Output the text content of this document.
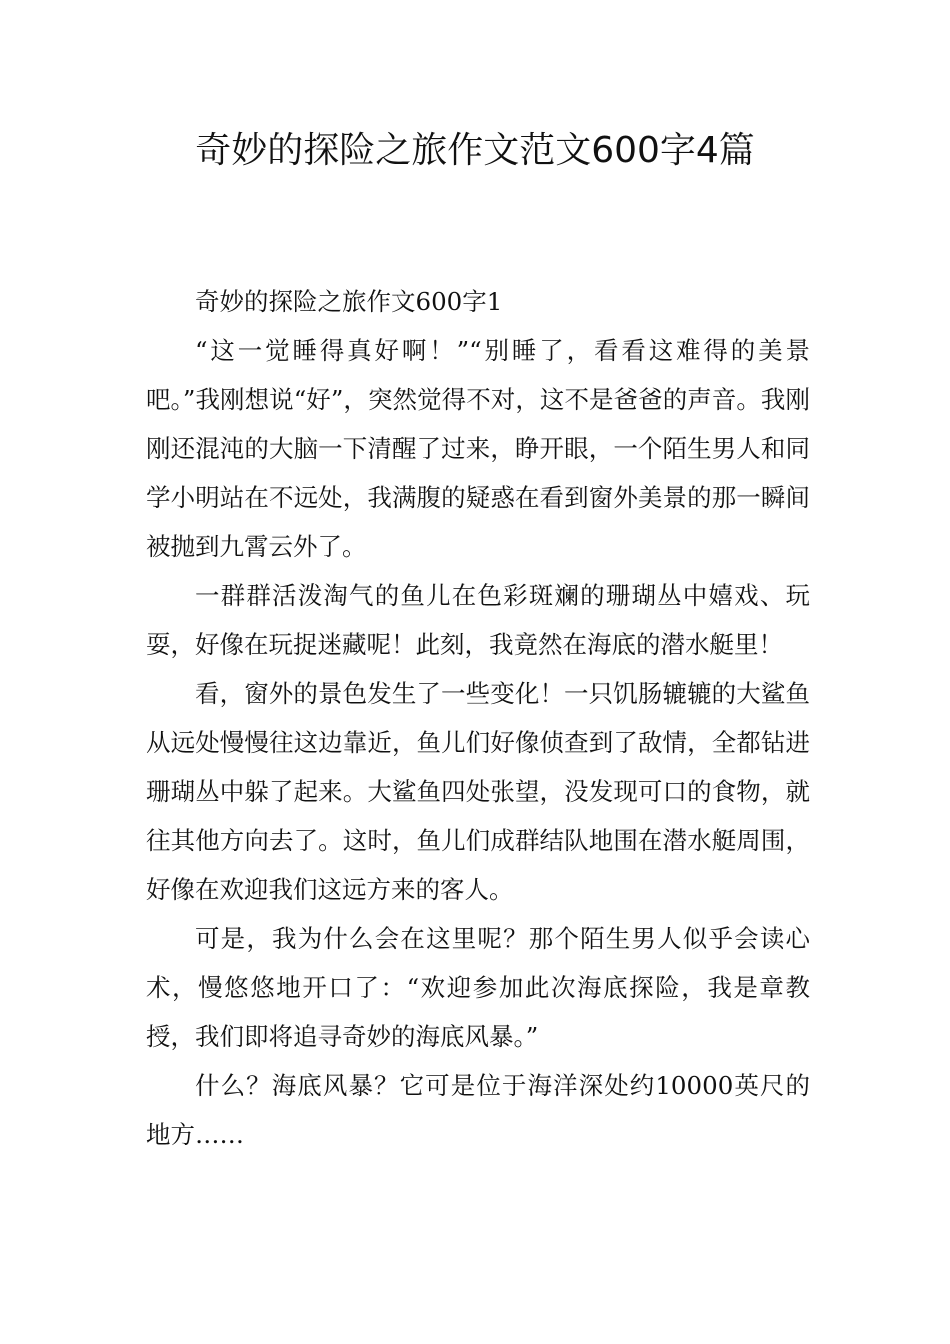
奇妙的探险之旅作文范文600字4篇
奇妙的探险之旅作文600字1

“这一觉睡得真好啊！”“别睡了，看看这难得的美景吧。”我刚想说“好”，突然觉得不对，这不是爸爸的声音。我刚刚还混沌的大脑一下清醒了过来，睁开眼，一个陌生男人和同学小明站在不远处，我满腹的疑惑在看到窗外美景的那一瞬间被抛到九霄云外了。

一群群活泼淘气的鱼儿在色彩斑斓的珊瑚丛中嬉戏、玩耍，好像在玩捉迷藏呢！此刻，我竟然在海底的潜水艇里！

看，窗外的景色发生了一些变化！一只饥肠辘辘的大鲨鱼从远处慢慢往这边靠近，鱼儿们好像侦查到了敌情，全都钻进珊瑚丛中躲了起来。大鲨鱼四处张望，没发现可口的食物，就往其他方向去了。这时，鱼儿们成群结队地围在潜水艇周围，好像在欢迎我们这远方来的客人。

可是，我为什么会在这里呢？那个陌生男人似乎会读心术，慢悠悠地开口了：“欢迎参加此次海底探险，我是章教授，我们即将追寻奇妙的海底风暴。”

什么？海底风暴？它可是位于海洋深处约10000英尺的地方……
